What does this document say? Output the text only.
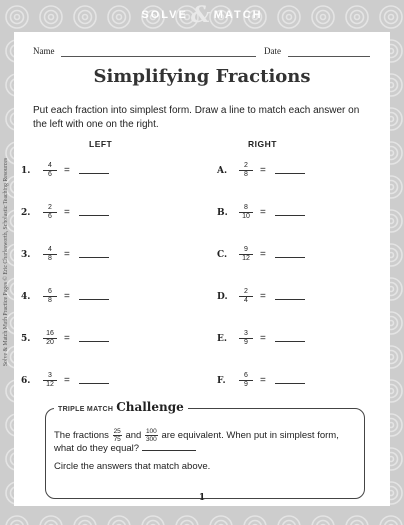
SOLVE & MATCH
Solve & Match Math Practice Pages © Eric Charlesworth, Scholastic Teaching Resources
Name	Date
Simplifying Fractions
Put each fraction into simplest form. Draw a line to match each answer on the left with one on the right.
LEFT	RIGHT
1. $\frac{4}{6}$ =
2. $\frac{2}{6}$ =
3. $\frac{4}{8}$ =
4. $\frac{6}{8}$ =
5. $\frac{16}{20}$ =
6. $\frac{3}{12}$ =
A. $\frac{2}{8}$ =
B. $\frac{8}{10}$ =
C. $\frac{9}{12}$ =
D. $\frac{2}{4}$ =
E. $\frac{3}{9}$ =
F. $\frac{6}{9}$ =
TRIPLE MATCH Challenge
The fractions $\frac{25}{75}$ and $\frac{100}{300}$ are equivalent. When put in simplest form, what do they equal?
Circle the answers that match above.
1
